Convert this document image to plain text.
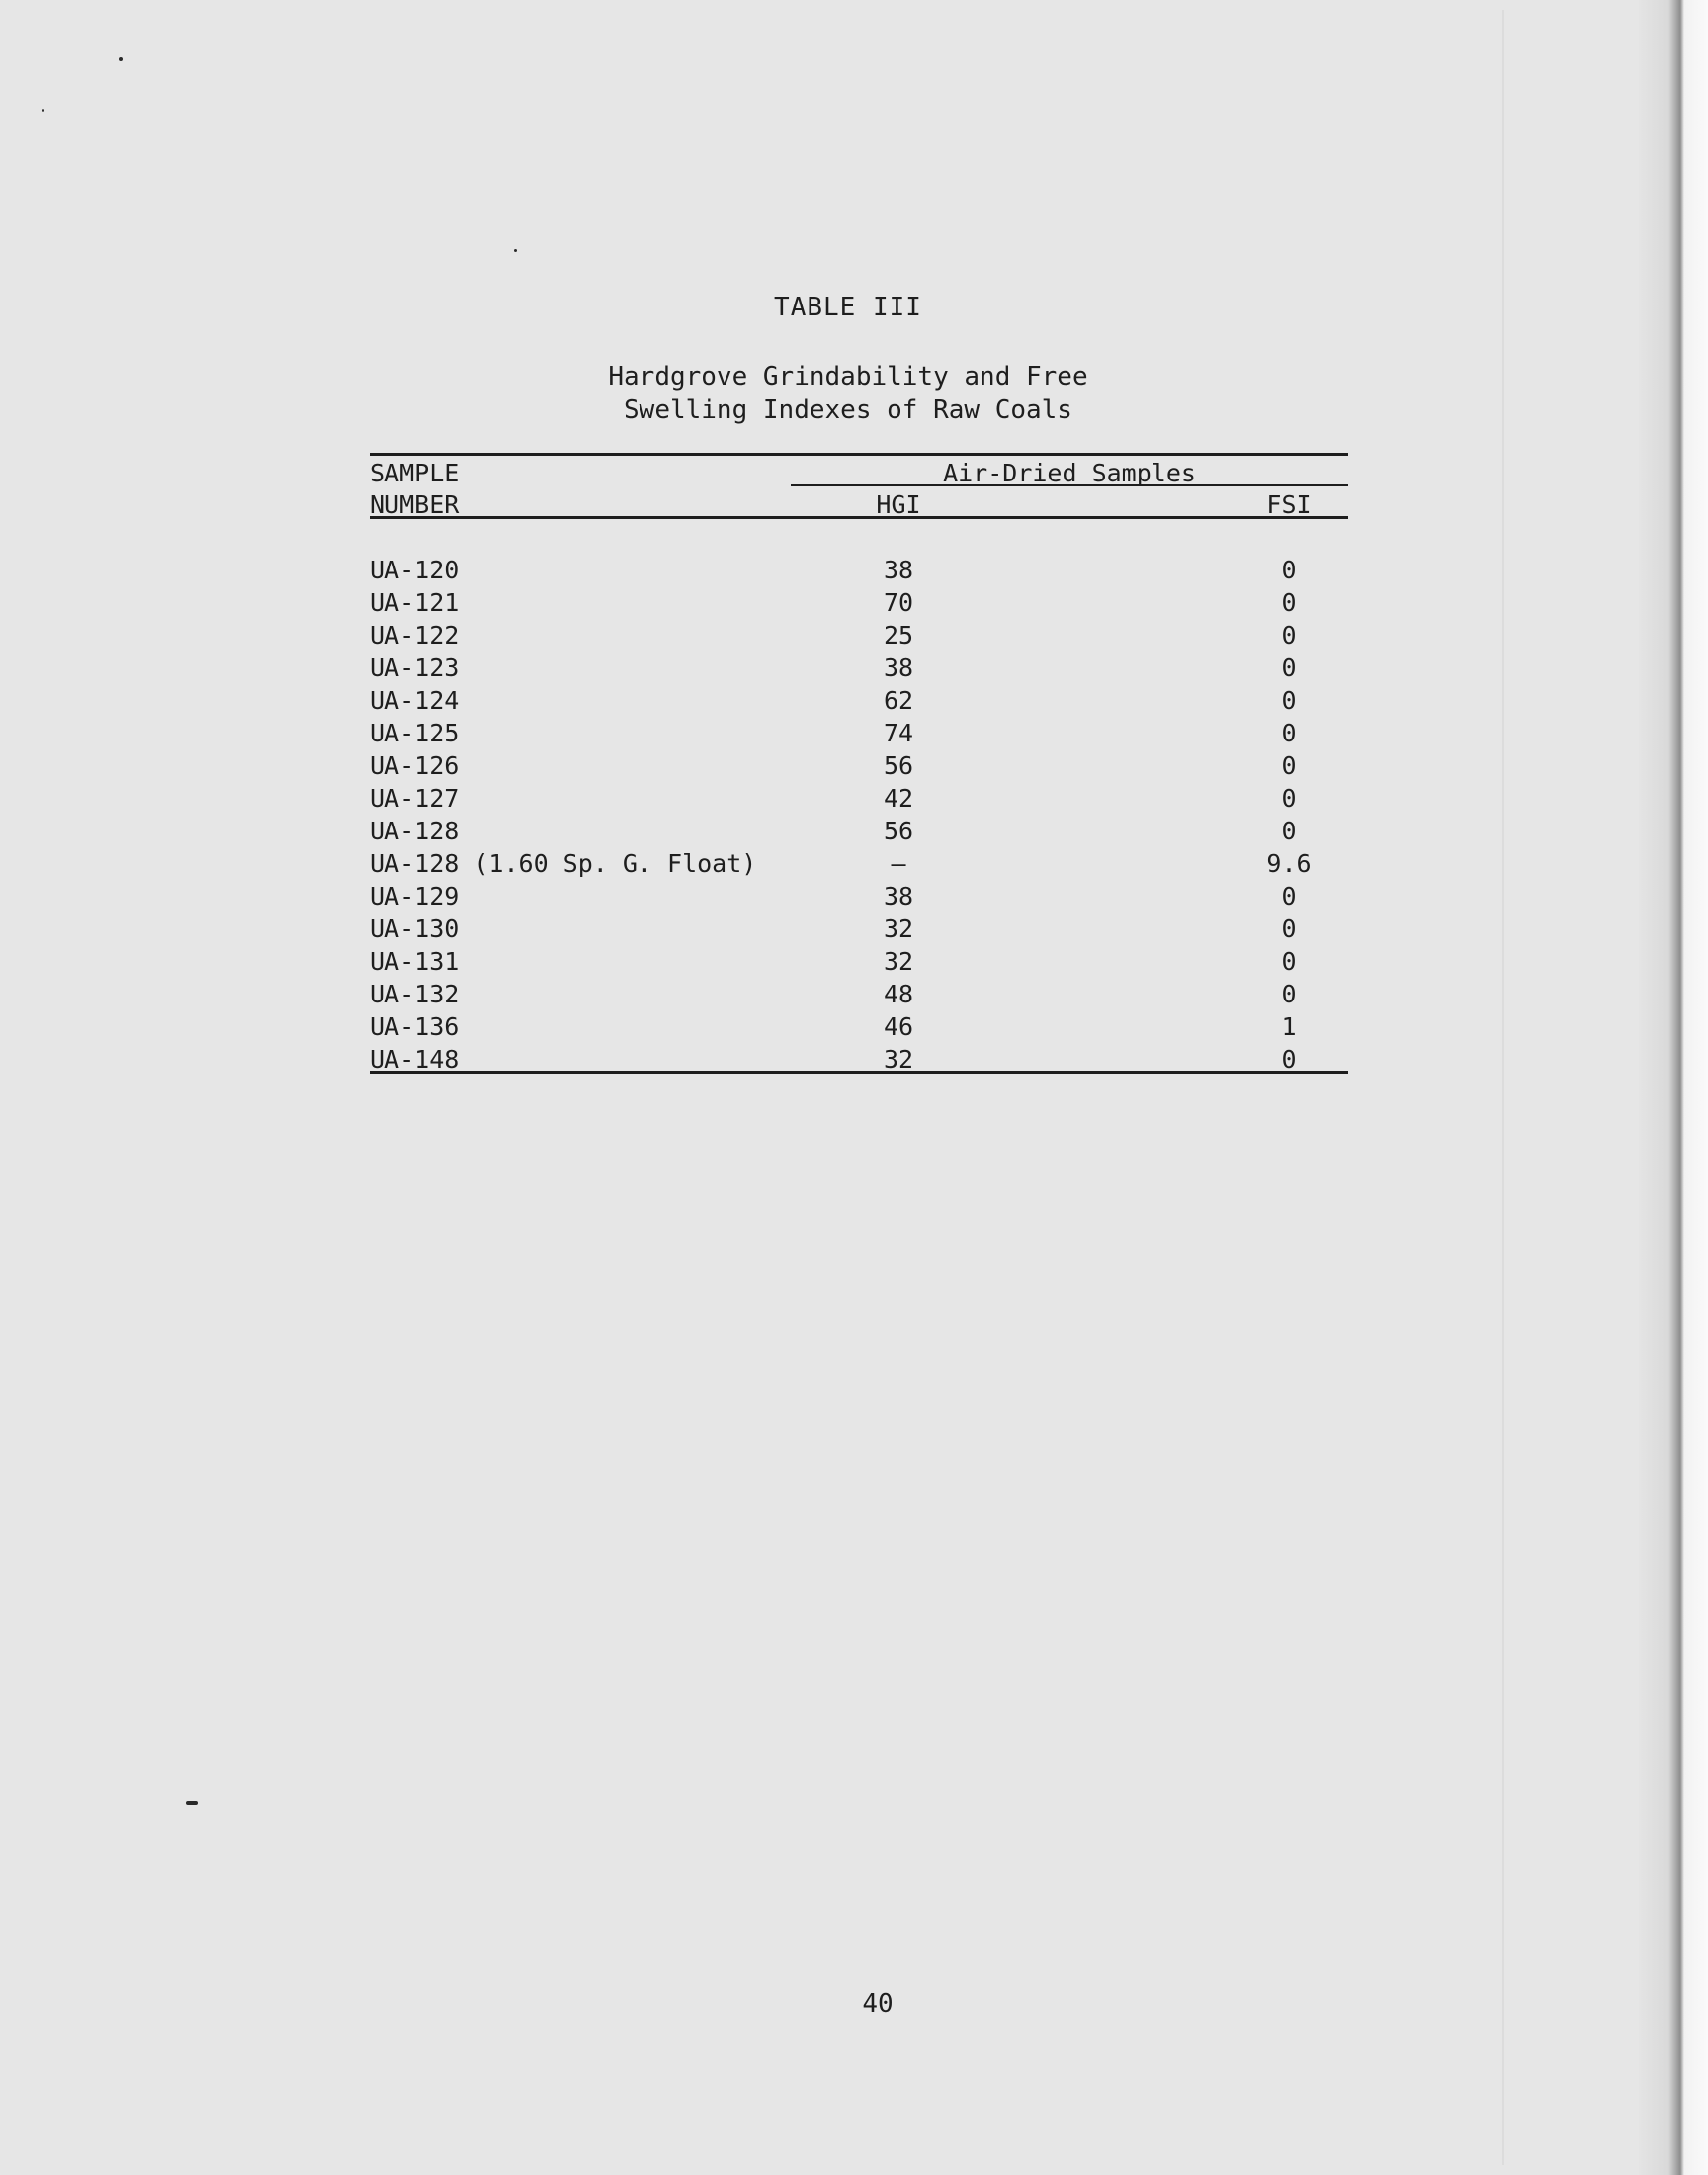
TABLE III
Hardgrove Grindability and Free
Swelling Indexes of Raw Coals
SAMPLE
NUMBER
Air-Dried Samples
HGI	FSI
UA-120	38	0
UA-121	70	0
UA-122	25	0
UA-123	38	0
UA-124	62	0
UA-125	74	0
UA-126	56	0
UA-127	42	0
UA-128	56	0
UA-128 (1.60 Sp. G. Float)	—	9.6
UA-129	38	0
UA-130	32	0
UA-131	32	0
UA-132	48	0
UA-136	46	1
UA-148	32	0
40
